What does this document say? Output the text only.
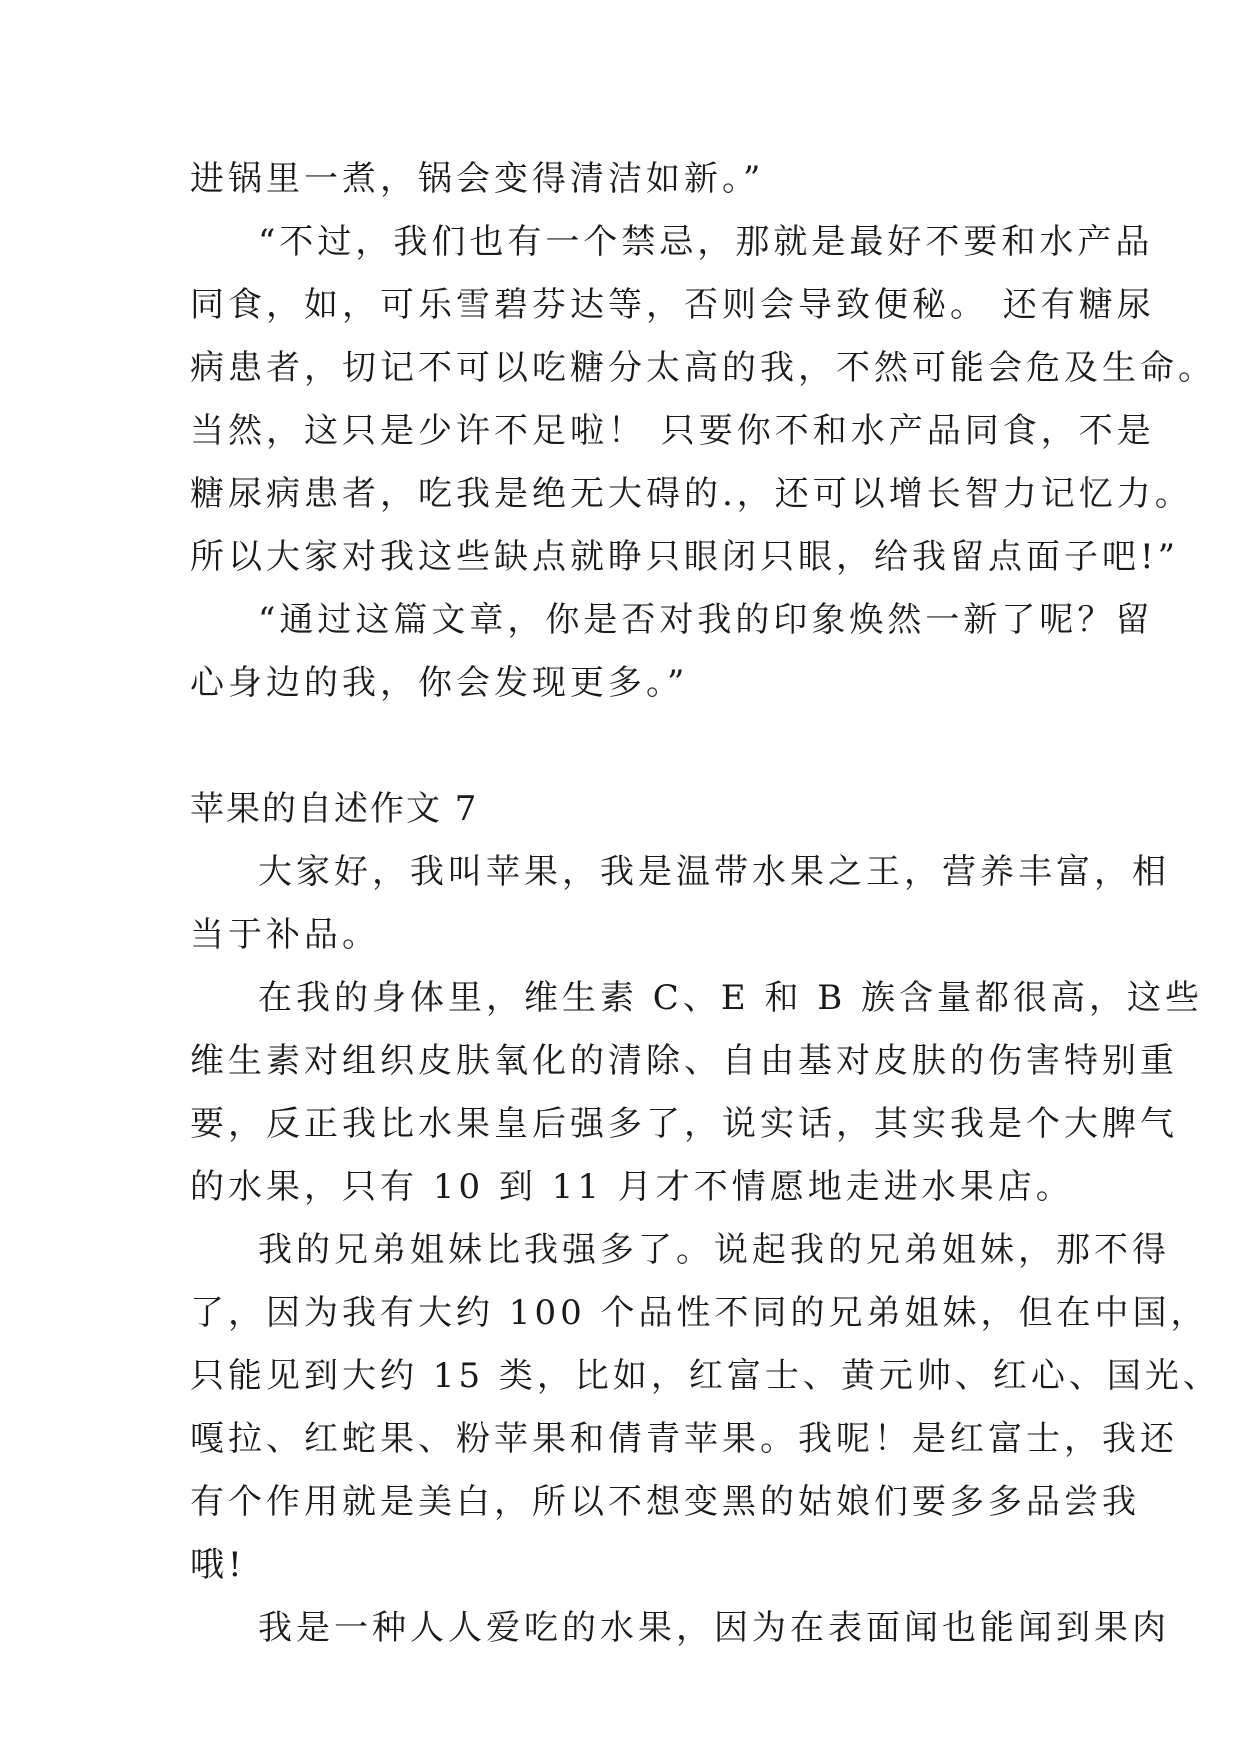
进锅里一煮，锅会变得清洁如新。”
“不过，我们也有一个禁忌，那就是最好不要和水产品
同食，如，可乐雪碧芬达等，否则会导致便秘。 还有糖尿
病患者，切记不可以吃糖分太高的我，不然可能会危及生命。
当然，这只是少许不足啦！ 只要你不和水产品同食，不是
糖尿病患者，吃我是绝无大碍的.，还可以增长智力记忆力。
所以大家对我这些缺点就睁只眼闭只眼，给我留点面子吧!”
“通过这篇文章，你是否对我的印象焕然一新了呢？留
心身边的我，你会发现更多。”
苹果的自述作文 7
大家好，我叫苹果，我是温带水果之王，营养丰富，相
当于补品。
在我的身体里，维生素 C、E 和 B 族含量都很高，这些
维生素对组织皮肤氧化的清除、自由基对皮肤的伤害特别重
要，反正我比水果皇后强多了，说实话，其实我是个大脾气
的水果，只有 10 到 11 月才不情愿地走进水果店。
我的兄弟姐妹比我强多了。说起我的兄弟姐妹，那不得
了，因为我有大约 100 个品性不同的兄弟姐妹，但在中国，
只能见到大约 15 类，比如，红富士、黄元帅、红心、国光、
嘎拉、红蛇果、粉苹果和倩青苹果。我呢！是红富士，我还
有个作用就是美白，所以不想变黑的姑娘们要多多品尝我
哦!
我是一种人人爱吃的水果，因为在表面闻也能闻到果肉
